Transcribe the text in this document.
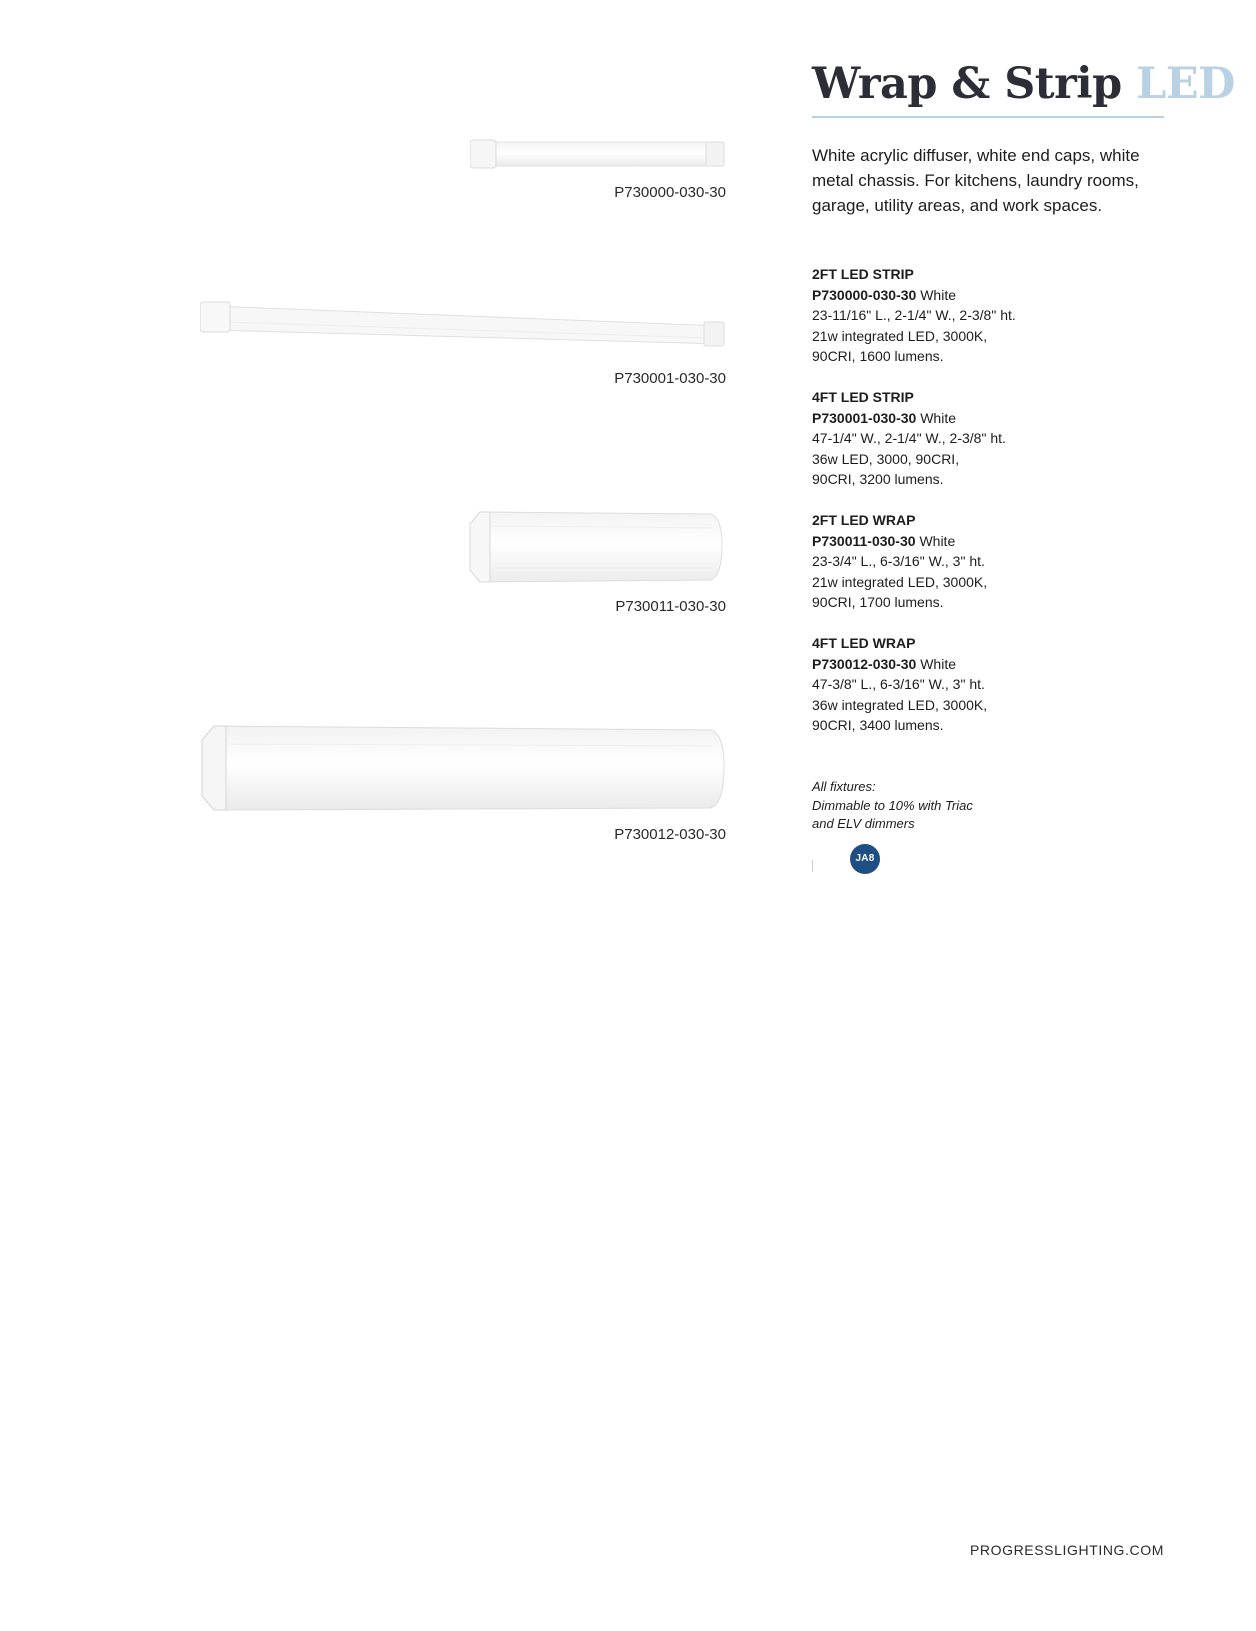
Wrap & Strip LED

White acrylic diffuser, white end caps, white metal chassis. For kitchens, laundry rooms, garage, utility areas, and work spaces.

P730000-030-30
P730001-030-30
P730011-030-30
P730012-030-30
2FT LED STRIP
P730000-030-30 White
23-11/16" L., 2-1/4" W., 2-3/8" ht.
21w integrated LED, 3000K,
90CRI, 1600 lumens.
4FT LED STRIP
P730001-030-30 White
47-1/4" W., 2-1/4" W., 2-3/8" ht.
36w LED, 3000, 90CRI,
90CRI, 3200 lumens.
2FT LED WRAP
P730011-030-30 White
23-3/4" L., 6-3/16" W., 3" ht.
21w integrated LED, 3000K,
90CRI, 1700 lumens.
4FT LED WRAP
P730012-030-30 White
47-3/8" L., 6-3/16" W., 3" ht.
36w integrated LED, 3000K,
90CRI, 3400 lumens.
All fixtures:
Dimmable to 10% with Triac
and ELV dimmers
JA8
PROGRESSLIGHTING.COM
